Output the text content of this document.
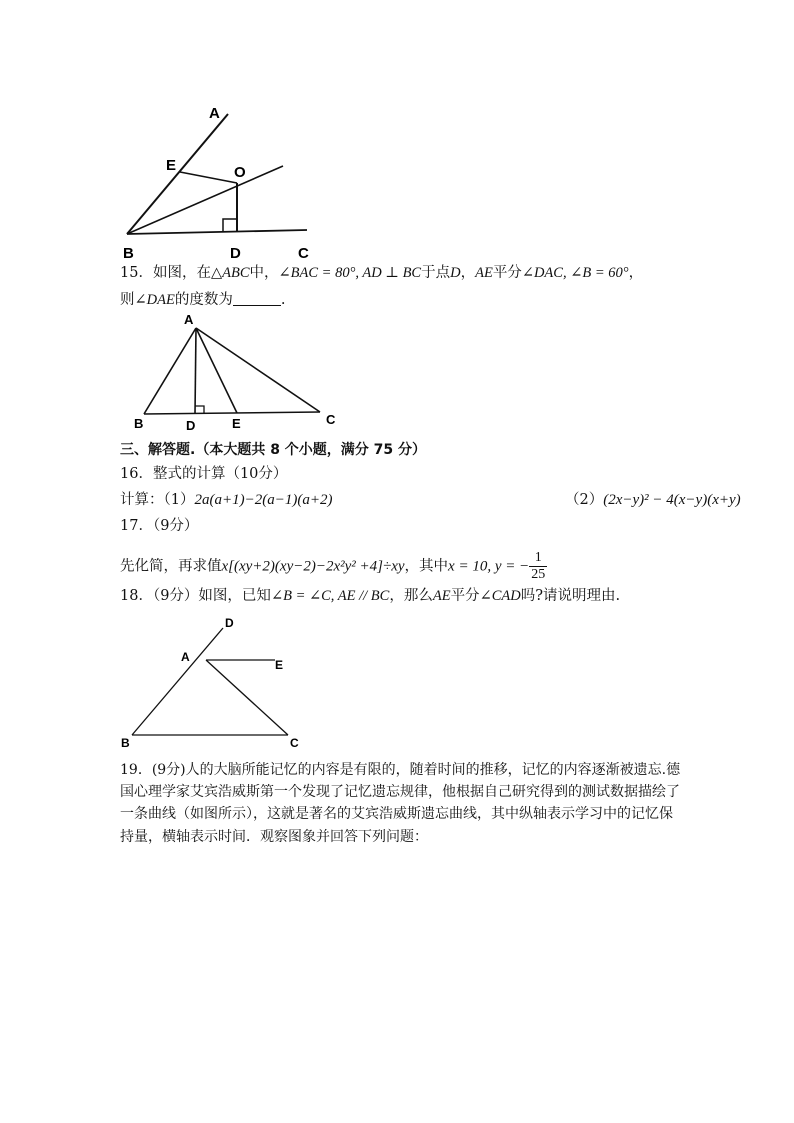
A
E	O
B	D	C
15．如图，在△ABC中，∠BAC = 80°, AD ⊥ BC于点D，AE平分∠DAC, ∠B = 60°，
则∠DAE的度数为	.
A
B	D	E	C
三、解答题.（本大题共 8 个小题，满分 75 分）
16．整式的计算（10分）
计算：（1）2a(a+1)−2(a−1)(a+2)	（2）(2x−y)² − 4(x−y)(x+y)
17．（9分）
先化简，再求值x[(xy+2)(xy−2)−2x²y² +4]÷xy，其中x = 10, y = − $\frac{1}{25}$
18．（9分）如图，已知∠B = ∠C, AE // BC，那么AE平分∠CAD吗?请说明理由.
D
A
E
B	C
19．(9分)人的大脑所能记忆的内容是有限的，随着时间的推移，记忆的内容逐渐被遗忘.德
国心理学家艾宾浩威斯第一个发现了记忆遗忘规律，他根据自己研究得到的测试数据描绘了
一条曲线（如图所示），这就是著名的艾宾浩威斯遗忘曲线，其中纵轴表示学习中的记忆保
持量，横轴表示时间．观察图象并回答下列问题：
